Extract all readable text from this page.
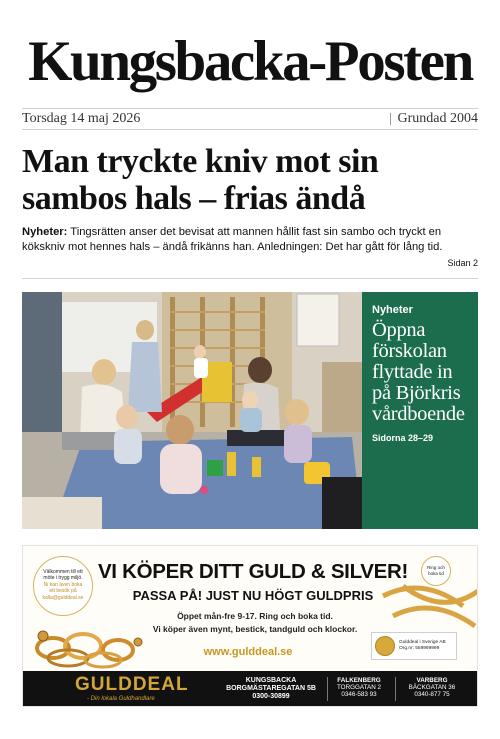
Kungsbacka-Posten
Torsdag 14 maj 2026	Grundad 2004
Man tryckte kniv mot sin sambos hals – frias ändå

Nyheter: Tingsrätten anser det bevisat att mannen hållit fast sin sambo och tryckt en kökskniv mot hennes hals – ändå frikänns han. Anledningen: Det har gått för lång tid.

Sidan 2
Nyheter
Öppna förskolan flyttade in på Björkris vårdboende
Sidorna 28–29
Välkommen till ett
möte i trygg miljö.
Ni kan även boka
ett besök på
kalla@gulddeal.se
Ring och
boka tid
VI KÖPER DITT GULD & SILVER!
PASSA PÅ! JUST NU HÖGT GULDPRIS
Öppet mån-fre 9-17. Ring och boka tid.
Vi köper även mynt, bestick, tandguld och klockor.
www.gulddeal.se
Gulddeal i Sverige AB
Org.nr: 559999999
GULDDEAL
- Din lokala Guldhandlare
KUNGSBACKA
BORGMÄSTAREGATAN 5B
0300-30899
FALKENBERG
TORGGATAN 2
0346-583 93
VARBERG
BÄCKGATAN 36
0340-877 75
